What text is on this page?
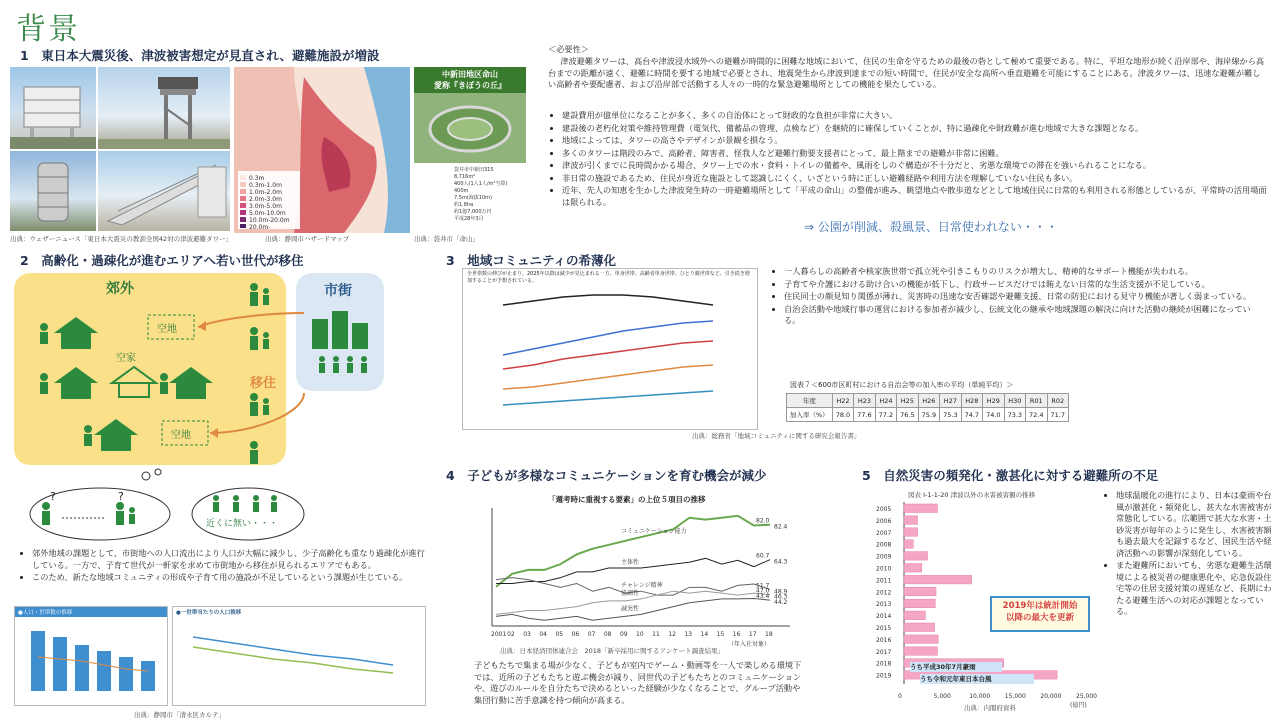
背景
1　東日本大震災後、津波被害想定が見直され、避難施設が増設
出典：ウェザーニュース「東日本大震災の教訓全国42対の津波避難タワー」
0.3m
0.3m-1.0m
1.0m-2.0m
2.0m-3.0m
3.0m-5.0m
5.0m-10.0m
10.0m-20.0m
20.0m-
出典：静岡市ハザードマップ
中新田地区命山
愛称『きぼうの丘』
袋井市中新田315
8,716m²
400人(1人1人/m²当算)
400m
7.5m(海抜10m)
約1.8ha
約1億7,000万円
平成28年3月
出典：袋井市「命山」
＜必要性＞
津波避難タワーは、高台や津波浸水域外への避難が時間的に困難な地域において、住民の生命を守るための最後の砦として極めて重要である。特に、平坦な地形が続く沿岸部や、海岸線から高台までの距離が遠く、避難に時間を要する地域で必要とされ、地震発生から津波到達までの短い時間で、住民が安全な高所へ垂直避難を可能にすることにある。津波タワーは、迅速な避難が難しい高齢者や要配慮者、および沿岸部で活動する人々の一時的な緊急避難場所としての機能を果たしている。
• 建設費用が億単位になることが多く、多くの自治体にとって財政的な負担が非常に大きい。
• 建設後の老朽化対策や維持管理費（電気代、備蓄品の管理、点検など）を継続的に確保していくことが、特に過疎化や財政難が進む地域で大きな課題となる。
• 地域によっては、タワーの高さやデザインが景観を損なう。
• 多くのタワーは階段のみで、高齢者、障害者、怪我人など避難行動要支援者にとって、最上階までの避難が非常に困難。
• 津波が引くまでに長時間かかる場合、タワー上での水・食料・トイレの備蓄や、風雨をしのぐ構造が不十分だと、劣悪な環境での滞在を強いられることになる。
• 非日常の施設であるため、住民が身近な施設として認識しにくく、いざという時に正しい避難経路や利用方法を理解していない住民も多い。
• 近年、先人の知恵を生かした津波発生時の一時避難場所として「平成の命山」の整備が進み、眺望地点や散歩道などとして地域住民に日常的も利用される形態としているが、平常時の活用場面は限られる。
⇒ 公園が削減、殺風景、日常使われない・・・
2　高齢化・過疎化が進むエリアへ若い世代が移住
郊外	市街
空地
空家
空地
移住
?	?
近くに無い・・・
• 郊外地域の課題として、市街地への人口流出により人口が大幅に減少し、少子高齢化も重なり過疎化が進行している。一方で、子育て世代が一軒家を求めて市街地から移住が見られるエリアでもある。
• このため、新たな地域コミュニティの形成や子育て用の施設が不足しているという課題が生じている。
●人口・世帯数の推移	●一世帯当たりの人口推移
出典：静岡市「清水区カルテ」
3　地域コミュニティの希薄化
全世帯数の伸びが止まり、2025年以降は減少が見込まれる一方、単身世帯、高齢者単身世帯、ひとり親世帯など、引き続き増加することが予想されている。
出典：総務省「地域コミュニティに関する研究会報告書」
• 一人暮らしの高齢者や核家族世帯で孤立死や引きこもりのリスクが増大し、精神的なサポート機能が失われる。
• 子育てや介護における助け合いの機能が低下し、行政サービスだけでは賄えない日常的な生活支援が不足している。
• 住民同士の顔見知り関係が薄れ、災害時の迅速な安否確認や避難支援、日常の防犯における見守り機能が著しく弱まっている。
• 自治会活動や地域行事の運営における参加者が減少し、伝統文化の継承や地域課題の解決に向けた活動の継続が困難になっている。
図表７＜600市区町村における自治会等の加入率の平均（単純平均）＞
年度	H22	H23	H24	H25	H26	H27	H28	H29	H30	R01	R02
加入率（%）	78.0	77.6	77.2	76.5	75.9	75.3	74.7	74.0	73.3	72.4	71.7
4　子どもが多様なコミュニケーションを育む機会が減少
「週考時に重視する要素」の上位５項目の推移
コミュニケーション能力
主体性
チャレンジ精神
協調性
誠実性
82.0
82.4
60.7
64.3
51.7
48.9
47.0
46.3
43.4
44.2
2001 02 03 04 05 06 07 08 09 10 11 12 13 14 15 16 17 18
（年入社対象）
出典：日本経済団体連合会　2018「新卒採用に関するアンケート調査結果」
子どもたちで集まる場が少なく、子どもが室内でゲーム・動画等を一人で楽しめる環境下では、近所の子どもたちと遊ぶ機会が減り、同世代の子どもたちとのコミュニケーションや、遊びのルールを自分たちで決めるといった経験が少なくなることで、グループ活動や集団行動に苦手意識を持つ傾向が高まる。
5　自然災害の頻発化・激甚化に対する避難所の不足
図表 I-1-1-20 津波以外の水害被害額の推移
2005
2006
2007
2008
2009
2010
2011
2012
2013
2014
2015
2016
2017
2018
2019
0	5,000	10,000 15,000 20,000 25,000
(億円)
2019年は統計開始
以降の最大を更新
うち平成30年7月豪雨
うち令和元年東日本台風
出典：内閣府資料
• 地球温暖化の進行により、日本は豪雨や台風が激甚化・頻発化し、甚大な水害被害が常態化している。広範囲で甚大な水害・土砂災害が毎年のように発生し、水害被害額も過去最大を記録するなど、国民生活や経済活動への影響が深刻化している。
• また避難所においても、劣悪な避難生活環境による被災者の健康悪化や、応急仮設住宅等の住居支援対策の遅延など、長期にわたる避難生活への対応が課題となっている。
